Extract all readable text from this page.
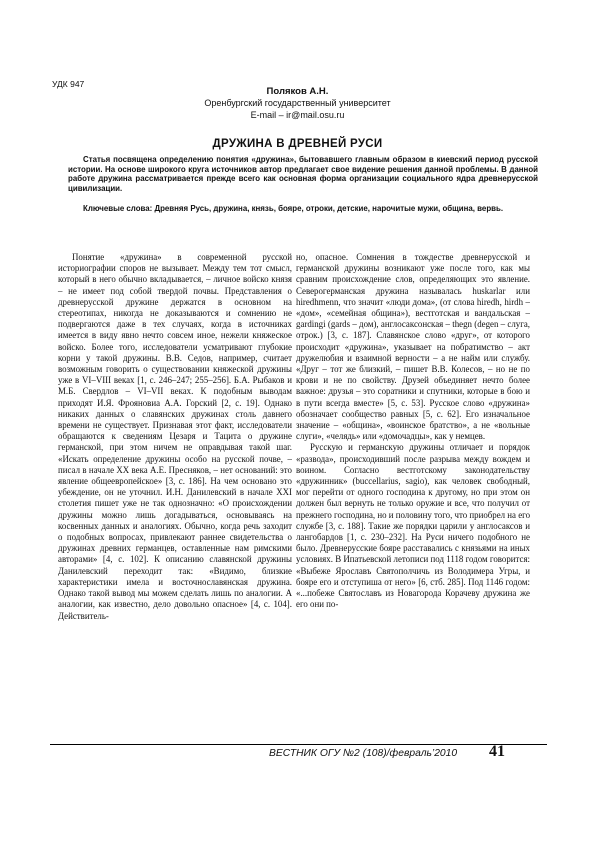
УДК 947
Поляков А.Н.
Оренбургский государственный университет
E-mail – ir@mail.osu.ru
ДРУЖИНА В ДРЕВНЕЙ РУСИ
Статья посвящена определению понятия «дружина», бытовавшего главным образом в киевский период русской истории. На основе широкого круга источников автор предлагает свое видение решения данной проблемы. В данной работе дружина рассматривается прежде всего как основная форма организации социального ядра древнерусской цивилизации.
Ключевые слова: Древняя Русь, дружина, князь, бояре, отроки, детские, нарочитые мужи, община, вервь.

Понятие «дружина» в современной русской историографии споров не вызывает. Между тем тот смысл, который в него обычно вкладывается, – личное войско князя – не имеет под собой твердой почвы. Представления о древнерусской дружине держатся в основном на стереотипах, никогда не доказываются и сомнению не подвергаются даже в тех случаях, когда в источниках имеется в виду явно нечто совсем иное, нежели княжеское войско. Более того, исследователи усматривают глубокие корни у такой дружины. В.В. Седов, например, считает возможным говорить о существовании княжеской дружины уже в VI–VIII веках [1, с. 246–247; 255–256]. Б.А. Рыбаков и М.Б. Свердлов – VI–VII веках. К подобным выводам приходят И.Я. Фрояновиа А.А. Горский [2, с. 19]. Однако никаких данных о славянских дружинах столь давнего времени не существует. Признавая этот факт, исследователи обращаются к сведениям Цезаря и Тацита о дружине германской, при этом ничем не оправдывая такой шаг. «Искать определение дружины особо на русской почве, – писал в начале XX века А.Е. Пресняков, – нет оснований: это явление общеевропейское» [3, с. 186]. На чем основано это убеждение, он не уточнил. И.Н. Данилевский в начале XXI столетия пишет уже не так однозначно: «О происхождении дружины можно лишь догадываться, основываясь на косвенных данных и аналогиях. Обычно, когда речь заходит о подобных вопросах, привлекают раннее свидетельства о дружинах древних германцев, оставленные нам римскими авторами» [4, с. 102]. К описанию славянской дружины Данилевский переходит так: «Видимо, близкие характеристики имела и восточнославянская дружина. Однако такой вывод мы можем сделать лишь по аналогии. А аналогии, как известно, дело довольно опасное» [4, с. 104]. Действитель-

но, опасное. Сомнения в тождестве древнерусской и германской дружины возникают уже после того, как мы сравним происхождение слов, определяющих это явление. Северогерманская дружина называлась huskarlar или hiredhmenn, что значит «люди дома», (от слова hiredh, hirdh – «дом», «семейная община»), вестготская и вандальская – gardingi (gards – дом), англосаксонская – thegn (degen – слуга, отрок.) [3, с. 187]. Славянское слово «друг», от которого происходит «дружина», указывает на побратимство – акт дружелюбия и взаимной верности – а не найм или службу. «Друг – тот же близкий, – пишет В.В. Колесов, – но не по крови и не по свойству. Друзей объединяет нечто более важное: друзья – это соратники и спутники, которые в бою и в пути всегда вместе» [5, с. 53]. Русское слово «дружина» обозначает сообщество равных [5, с. 62]. Его изначальное значение – «община», «воинское братство», а не «вольные слуги», «челядь» или «домочадцы», как у немцев.

Русскую и германскую дружины отличает и порядок «развода», происходивший после разрыва между вождем и воином. Согласно вестготскому законодательству «дружинник» (buccellarius, sagio), как человек свободный, мог перейти от одного господина к другому, но при этом он должен был вернуть не только оружие и все, что получил от прежнего господина, но и половину того, что приобрел на его службе [3, с. 188]. Такие же порядки царили у англосаксов и лангобардов [1, с. 230–232]. На Руси ничего подобного не было. Древнерусские бояре расставались с князьями на иных условиях. В Ипатьевской летописи под 1118 годом говорится: «Выбеже Ярославъ Святополчичь из Володимера Угры, и бояре его и отступиша от него» [6, стб. 285]. Под 1146 годом: «...побеже Святославъ из Новагорода Корачеву дружина же его они по-

ВЕСТНИК ОГУ №2 (108)/февраль’2010 41
